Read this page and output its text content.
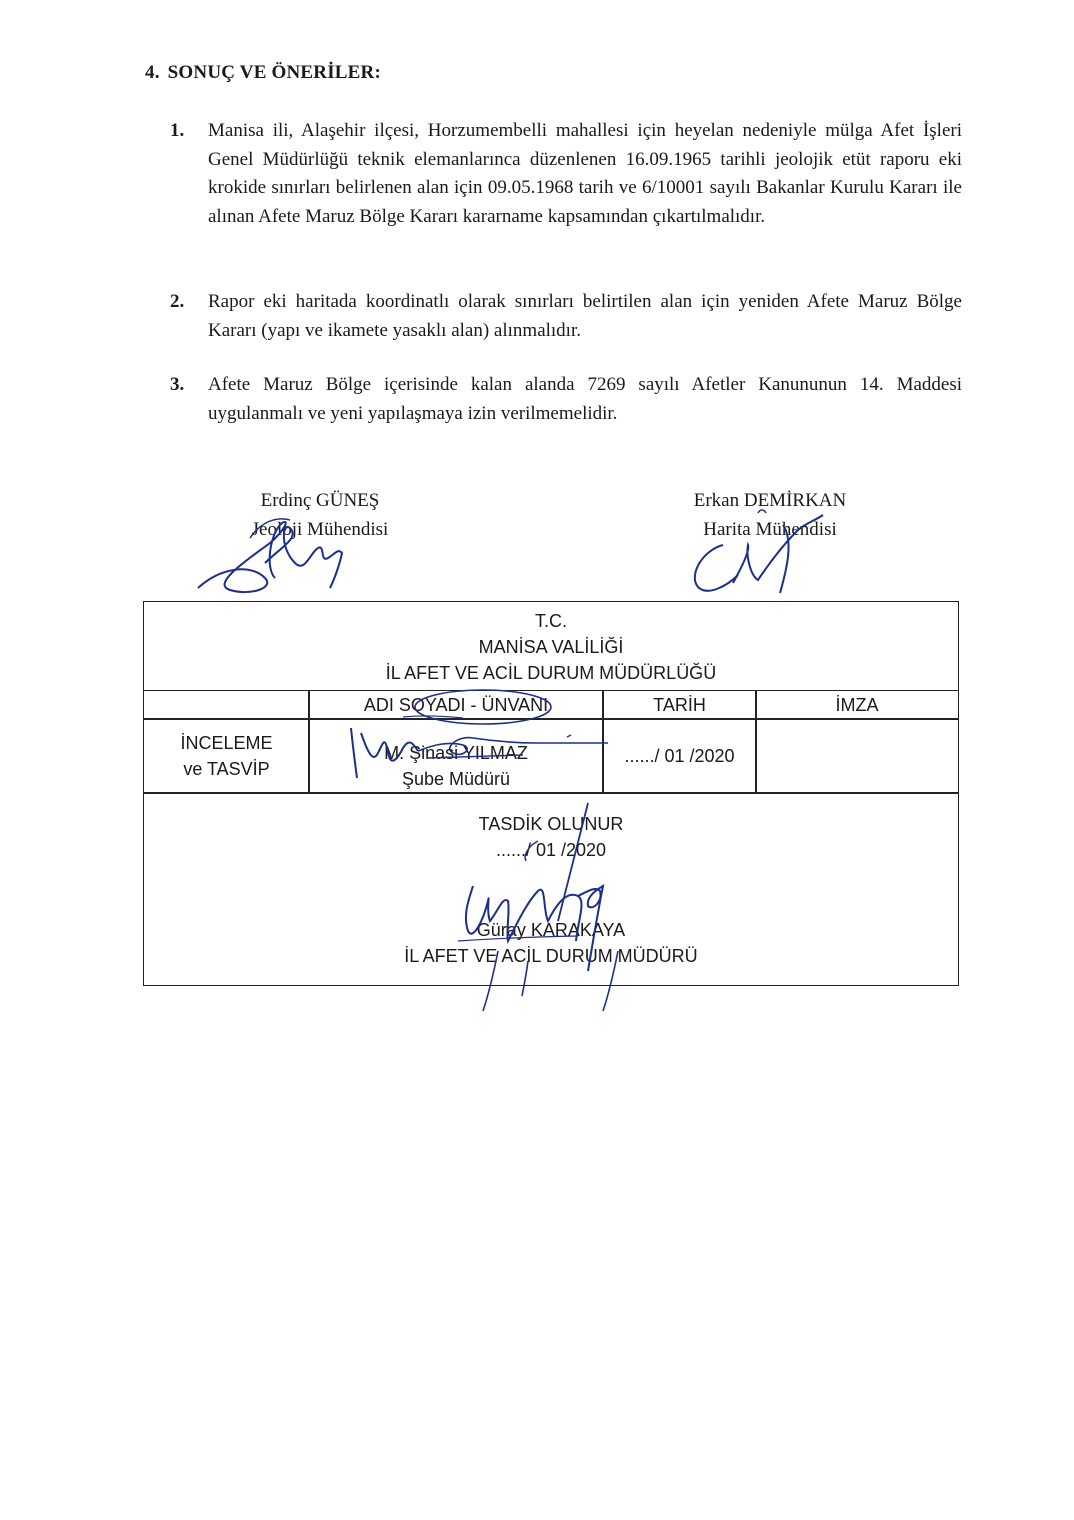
4. SONUÇ VE ÖNERİLER:
1. Manisa ili, Alaşehir ilçesi, Horzumembelli mahallesi için heyelan nedeniyle mülga Afet İşleri Genel Müdürlüğü teknik elemanlarınca düzenlenen 16.09.1965 tarihli jeolojik etüt raporu eki krokide sınırları belirlenen alan için 09.05.1968 tarih ve 6/10001 sayılı Bakanlar Kurulu Kararı ile alınan Afete Maruz Bölge Kararı kararname kapsamından çıkartılmalıdır.
2. Rapor eki haritada koordinatlı olarak sınırları belirtilen alan için yeniden Afete Maruz Bölge Kararı (yapı ve ikamete yasaklı alan) alınmalıdır.
3. Afete Maruz Bölge içerisinde kalan alanda 7269 sayılı Afetler Kanununun 14. Maddesi uygulanmalı ve yeni yapılaşmaya izin verilmemelidir.
Erdinç GÜNEŞ
Jeoloji Mühendisi
Erkan DEMİRKAN
Harita Mühendisi
T.C.
MANİSA VALİLİĞİ
İL AFET VE ACİL DURUM MÜDÜRLÜĞÜ
ADI SOYADI - ÜNVANI	TARİH	İMZA
İNCELEME
ve TASVİP
M. Şinasi YILMAZ
Şube Müdürü
....../ 01 /2020
TASDİK OLUNUR
....../ 01 /2020
Güray KARAKAYA
İL AFET VE ACİL DURUM MÜDÜRÜ
